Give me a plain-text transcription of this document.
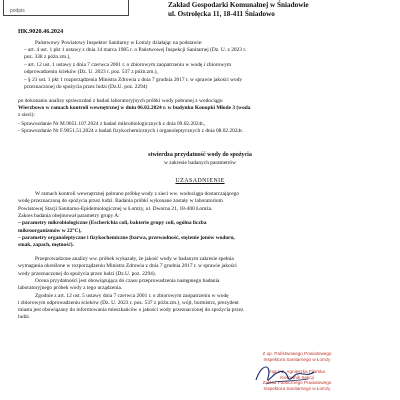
podpis
Zakład Gospodarki Komunalnej w Śniadowie
ul. Ostrołęcka 11, 18-411 Śniadowo
HK.9020.46.2024
Państwowy Powiatowy Inspektor Sanitarny w Łomży działając na podstawie:
– art. 4 ust. 1 pkt 1 ustawy z dnia 14 marca 1985 r. o Państwowej Inspekcji Sanitarnej (Dz. U. z 2023 r.
poz. 338 z późn.zm.),
– art. 12 ust. 1 ustawy z dnia 7 czerwca 2001 r. o zbiorowym zaopatrzeniu w wodę i zbiorowym
odprowadzeniu ścieków (Dz. U. 2023 r. poz. 537 z późn.zm.),
– § 21 ust. 1 pkt 1 rozporządzenia Ministra Zdrowia z dnia 7 grudnia 2017 r. w sprawie jakości wody
przeznaczonej do spożycia przez ludzi (Dz.U. poz. 2294)
po dokonaniu analizy sprawozdań z badań laboratoryjnych próbki wody pobranej z wodociągu
Wierzbowo w ramach kontroli wewnętrznej w dniu 06.02.2024 r. w budynku Konopki Młode 3 (woda
z sieci):
- Sprawozdanie Nr M.9051.107.2024 z badań mikrobiologicznych z dnia 09.02.2024r.,
- Sprawozdanie Nr F.9051.51.2024 z badań fizykochemicznych i organoleptycznych z dnia 08.02.2024r.
stwierdza przydatność wody do spożycia
w zakresie badanych parametrów
UZASADNIENIE
W ramach kontroli wewnętrznej pobrano próbkę wody z sieci ww. wodociągu dostarczającego
wodę przeznaczoną do spożycia przez ludzi. Badania próbki wykonane zostały w laboratorium
Powiatowej Stacji Sanitarno-Epidemiologicznej w Łomży, ul. Dworna 21, 18-400 Łomża.
Zakres badania obejmował parametry grupy A:
– parametry mikrobiologiczne (Escherichia coli, bakterie grupy coli, ogólna liczba
mikroorganizmów w 22°C),
– parametry organoleptyczne i fizykochemiczne (barwa, przewodność, stężenie jonów wodoru,
smak, zapach, mętność).
Przeprowadzone analizy ww. próbek wykazały, że jakość wody w badanym zakresie spełnia
wymagania określone w rozporządzeniu Ministra Zdrowia z dnia 7 grudnia 2017 r. w sprawie jakości
wody przeznaczonej do spożycia przez ludzi (Dz.U. poz. 2294).
Ocena przydatności jest obowiązująca do czasu przeprowadzenia następnego badania
laboratoryjnego próbek wody z tego urządzenia.
Zgodnie z art. 12 ust. 5 ustawy dnia 7 czerwca 2001 r. o zbiorowym zaopatrzeniu w wodę
i zbiorowym odprowadzeniu ścieków (Dz. U. 2023 r. poz. 537 z późn.zm.), wójt, burmistrz, prezydent
miasta jest obowiązany do informowania mieszkańców o jakości wody przeznaczonej do spożycia przez
ludzi.
Z up. Państwowego Powiatowego
Inspektora Sanitarnego w Łomży
mgr inż. Agnieszka Filarska
Kierownik Sekcji
Zakład Publicznego Powiatowego
Inspektora Sanitarnego w Łomży
